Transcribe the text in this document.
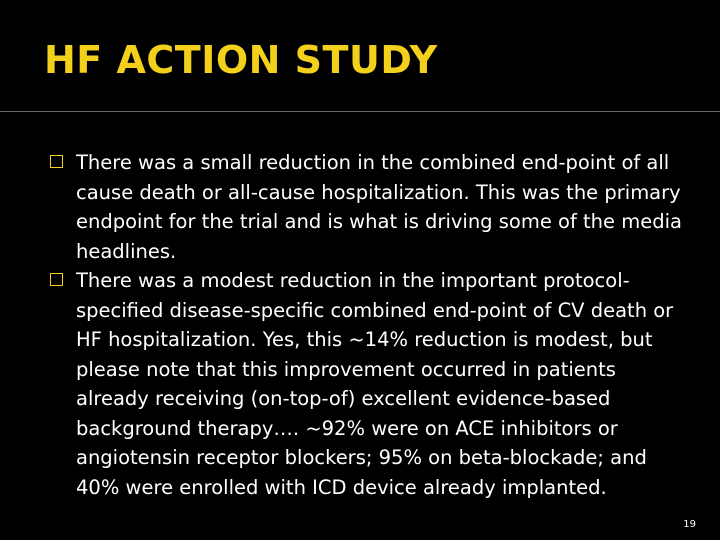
HF ACTION STUDY
There was a small reduction in the combined end-point of all cause death or all-cause hospitalization. This was the primary endpoint for the trial and is what is driving some of the media headlines.
There was a modest reduction in the important protocol-specified disease-specific combined end-point of CV death or HF hospitalization. Yes, this ~14% reduction is modest, but please note that this improvement occurred in patients already receiving (on-top-of) excellent evidence-based background therapy…. ~92% were on ACE inhibitors or angiotensin receptor blockers; 95% on beta-blockade; and 40% were enrolled with ICD device already implanted.
19
